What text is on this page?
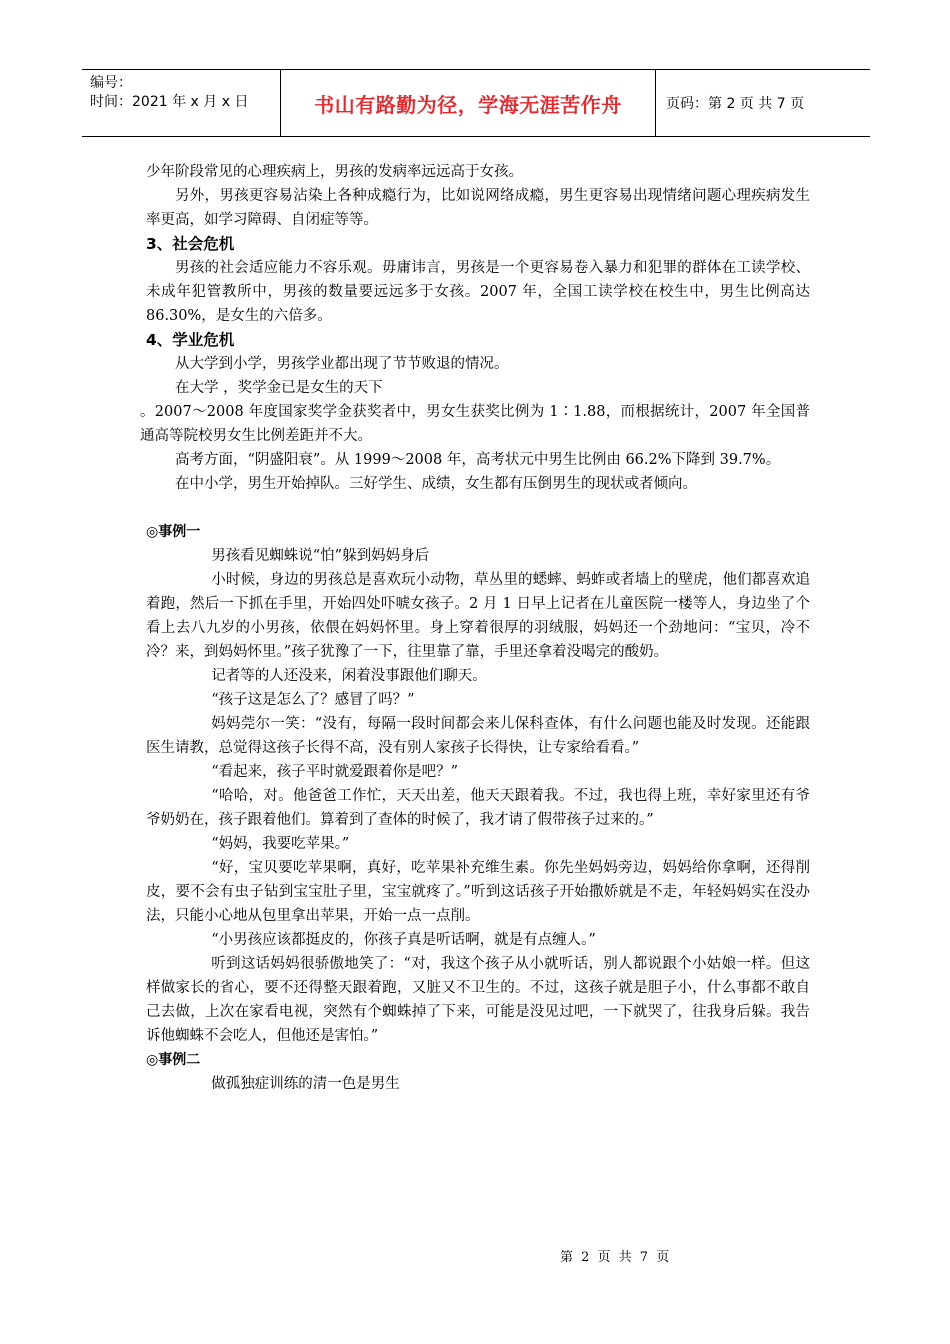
编号：
时间：2021 年 x 月 x 日	书山有路勤为径，学海无涯苦作舟	页码：第 2 页 共 7 页

少年阶段常见的心理疾病上，男孩的发病率远远高于女孩。

另外，男孩更容易沾染上各种成瘾行为，比如说网络成瘾，男生更容易出现情绪问题心理疾病发生率更高，如学习障碍、自闭症等等。

3、社会危机

男孩的社会适应能力不容乐观。毋庸讳言，男孩是一个更容易卷入暴力和犯罪的群体在工读学校、未成年犯管教所中，男孩的数量要远远多于女孩。2007 年，全国工读学校在校生中，男生比例高达 86.30%，是女生的六倍多。

4、学业危机

从大学到小学，男孩学业都出现了节节败退的情况。

在大学 ，奖学金已是女生的天下

。2007～2008 年度国家奖学金获奖者中，男女生获奖比例为 1∶1.88，而根据统计，2007 年全国普通高等院校男女生比例差距并不大。

高考方面，“阴盛阳衰”。从 1999～2008 年，高考状元中男生比例由 66.2%下降到 39.7%。

在中小学，男生开始掉队。三好学生、成绩，女生都有压倒男生的现状或者倾向。

◎事例一

男孩看见蜘蛛说“怕”躲到妈妈身后

小时候，身边的男孩总是喜欢玩小动物，草丛里的蟋蟀、蚂蚱或者墙上的壁虎，他们都喜欢追着跑，然后一下抓在手里，开始四处吓唬女孩子。2 月 1 日早上记者在儿童医院一楼等人，身边坐了个看上去八九岁的小男孩，依偎在妈妈怀里。身上穿着很厚的羽绒服，妈妈还一个劲地问：“宝贝，冷不冷？来，到妈妈怀里。”孩子犹豫了一下，往里靠了靠，手里还拿着没喝完的酸奶。

记者等的人还没来，闲着没事跟他们聊天。

“孩子这是怎么了？感冒了吗？”

妈妈莞尔一笑：“没有，每隔一段时间都会来儿保科查体，有什么问题也能及时发现。还能跟医生请教，总觉得这孩子长得不高，没有别人家孩子长得快，让专家给看看。”

“看起来，孩子平时就爱跟着你是吧？”

“哈哈，对。他爸爸工作忙，天天出差，他天天跟着我。不过，我也得上班，幸好家里还有爷爷奶奶在，孩子跟着他们。算着到了查体的时候了，我才请了假带孩子过来的。”

“妈妈，我要吃苹果。”

“好，宝贝要吃苹果啊，真好，吃苹果补充维生素。你先坐妈妈旁边，妈妈给你拿啊，还得削皮，要不会有虫子钻到宝宝肚子里，宝宝就疼了。”听到这话孩子开始撒娇就是不走，年轻妈妈实在没办法，只能小心地从包里拿出苹果，开始一点一点削。

“小男孩应该都挺皮的，你孩子真是听话啊，就是有点缠人。”

听到这话妈妈很骄傲地笑了：“对，我这个孩子从小就听话，别人都说跟个小姑娘一样。但这样做家长的省心，要不还得整天跟着跑，又脏又不卫生的。不过，这孩子就是胆子小，什么事都不敢自己去做，上次在家看电视，突然有个蜘蛛掉了下来，可能是没见过吧，一下就哭了，往我身后躲。我告诉他蜘蛛不会吃人，但他还是害怕。”

◎事例二

做孤独症训练的清一色是男生

第 2 页 共 7 页
